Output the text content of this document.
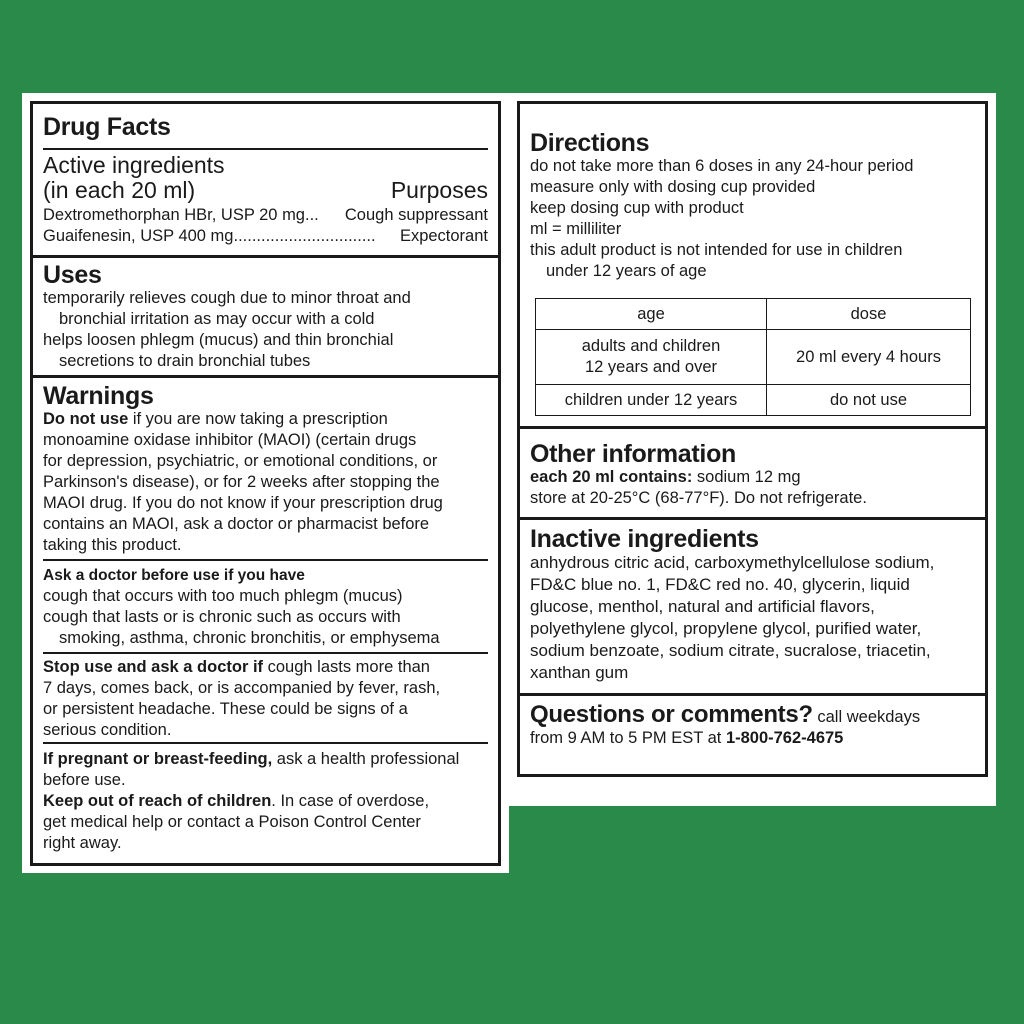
Drug Facts
Active ingredients
(in each 20 ml)	Purposes
Dextromethorphan HBr, USP 20 mg... Cough suppressant
Guaifenesin, USP 400 mg............................... Expectorant
Uses
temporarily relieves cough due to minor throat and
bronchial irritation as may occur with a cold
helps loosen phlegm (mucus) and thin bronchial
secretions to drain bronchial tubes
Warnings
Do not use if you are now taking a prescription
monoamine oxidase inhibitor (MAOI) (certain drugs
for depression, psychiatric, or emotional conditions, or
Parkinson's disease), or for 2 weeks after stopping the
MAOI drug. If you do not know if your prescription drug
contains an MAOI, ask a doctor or pharmacist before
taking this product.
Ask a doctor before use if you have
cough that occurs with too much phlegm (mucus)
cough that lasts or is chronic such as occurs with
smoking, asthma, chronic bronchitis, or emphysema
Stop use and ask a doctor if cough lasts more than
7 days, comes back, or is accompanied by fever, rash,
or persistent headache. These could be signs of a
serious condition.
If pregnant or breast-feeding, ask a health professional
before use.
Keep out of reach of children. In case of overdose,
get medical help or contact a Poison Control Center
right away.
Directions
do not take more than 6 doses in any 24-hour period
measure only with dosing cup provided
keep dosing cup with product
ml = milliliter
this adult product is not intended for use in children
under 12 years of age
age	dose

adults and children
12 years and over	20 ml every 4 hours
children under 12 years	do not use
Other information
each 20 ml contains: sodium 12 mg
store at 20-25°C (68-77°F). Do not refrigerate.
Inactive ingredients
anhydrous citric acid, carboxymethylcellulose sodium,
FD&C blue no. 1, FD&C red no. 40, glycerin, liquid
glucose, menthol, natural and artificial flavors,
polyethylene glycol, propylene glycol, purified water,
sodium benzoate, sodium citrate, sucralose, triacetin,
xanthan gum
Questions or comments? call weekdays
from 9 AM to 5 PM EST at 1-800-762-4675
